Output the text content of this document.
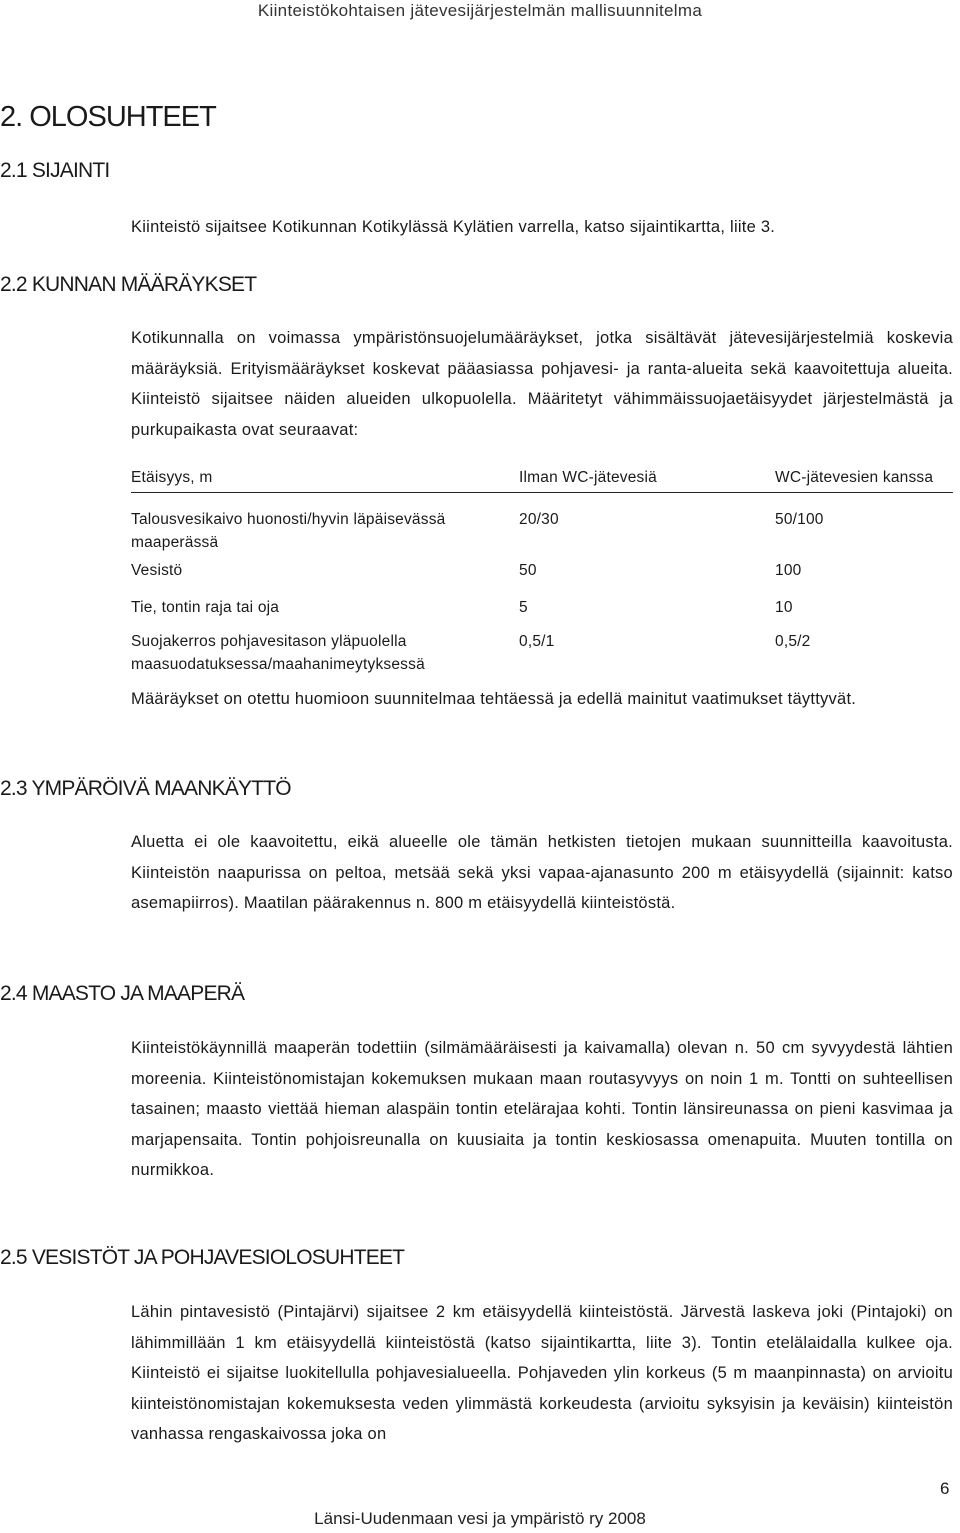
Kiinteistökohtaisen jätevesijärjestelmän mallisuunnitelma
2. OLOSUHTEET
2.1 SIJAINTI
Kiinteistö sijaitsee Kotikunnan Kotikylässä Kylätien varrella, katso sijaintikartta, liite 3.
2.2 KUNNAN MÄÄRÄYKSET
Kotikunnalla on voimassa ympäristönsuojelumääräykset, jotka sisältävät jätevesijärjestelmiä koskevia määräyksiä. Erityismääräykset koskevat pääasiassa pohjavesi- ja ranta-alueita sekä kaavoitettuja alueita. Kiinteistö sijaitsee näiden alueiden ulkopuolella. Määritetyt vähimmäissuojaetäisyydet järjestelmästä ja purkupaikasta ovat seuraavat:
Etäisyys, m	Ilman WC-jätevesiä	WC-jätevesien kanssa
Talousvesikaivo huonosti/hyvin läpäisevässä maaperässä	20/30	50/100
Vesistö	50	100
Tie, tontin raja tai oja	5	10
Suojakerros pohjavesitason yläpuolella maasuodatuksessa/maahanimeytyksessä	0,5/1	0,5/2
Määräykset on otettu huomioon suunnitelmaa tehtäessä ja edellä mainitut vaatimukset täyttyvät.
2.3 YMPÄRÖIVÄ MAANKÄYTTÖ
Aluetta ei ole kaavoitettu, eikä alueelle ole tämän hetkisten tietojen mukaan suunnitteilla kaavoitusta. Kiinteistön naapurissa on peltoa, metsää sekä yksi vapaa-ajanasunto 200 m etäisyydellä (sijainnit: katso asemapiirros). Maatilan päärakennus n. 800 m etäisyydellä kiinteistöstä.
2.4 MAASTO JA MAAPERÄ
Kiinteistökäynnillä maaperän todettiin (silmämääräisesti ja kaivamalla) olevan n. 50 cm syvyydestä lähtien moreenia. Kiinteistönomistajan kokemuksen mukaan maan routasyvyys on noin 1 m. Tontti on suhteellisen tasainen; maasto viettää hieman alaspäin tontin etelärajaa kohti. Tontin länsireunassa on pieni kasvimaa ja marjapensaita. Tontin pohjoisreunalla on kuusiaita ja tontin keskiosassa omenapuita. Muuten tontilla on nurmikkoa.
2.5 VESISTÖT JA POHJAVESIOLOSUHTEET
Lähin pintavesistö (Pintajärvi) sijaitsee 2 km etäisyydellä kiinteistöstä. Järvestä laskeva joki (Pintajoki) on lähimmillään 1 km etäisyydellä kiinteistöstä (katso sijaintikartta, liite 3). Tontin etelälaidalla kulkee oja. Kiinteistö ei sijaitse luokitellulla pohjavesialueella. Pohjaveden ylin korkeus (5 m maanpinnasta) on arvioitu kiinteistönomistajan kokemuksesta veden ylimmästä korkeudesta (arvioitu syksyisin ja keväisin) kiinteistön vanhassa rengaskaivossa joka on
6
Länsi-Uudenmaan vesi ja ympäristö ry 2008
